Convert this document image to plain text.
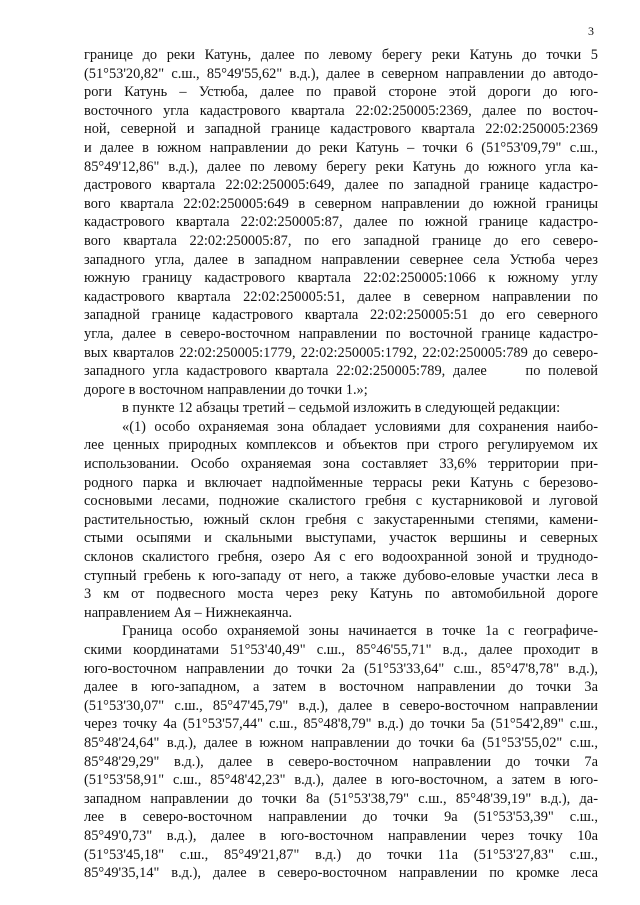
3
границе до реки Катунь, далее по левому берегу реки Катунь до точки 5
(51°53'20,82" с.ш., 85°49'55,62" в.д.), далее в северном направлении до автодо-
роги Катунь – Устюба, далее по правой стороне этой дороги до юго-
восточного угла кадастрового квартала 22:02:250005:2369, далее по восточ-
ной, северной и западной границе кадастрового квартала 22:02:250005:2369
и далее в южном направлении до реки Катунь – точки 6 (51°53'09,79" с.ш.,
85°49'12,86" в.д.), далее по левому берегу реки Катунь до южного угла ка-
дастрового квартала 22:02:250005:649, далее по западной границе кадастро-
вого квартала 22:02:250005:649 в северном направлении до южной границы
кадастрового квартала 22:02:250005:87, далее по южной границе кадастро-
вого квартала 22:02:250005:87, по его западной границе до его северо-
западного угла, далее в западном направлении севернее села Устюба через
южную границу кадастрового квартала 22:02:250005:1066 к южному углу
кадастрового квартала 22:02:250005:51, далее в северном направлении по
западной границе кадастрового квартала 22:02:250005:51 до его северного
угла, далее в северо-восточном направлении по восточной границе кадастро-
вых кварталов 22:02:250005:1779, 22:02:250005:1792, 22:02:250005:789 до северо-
западного угла кадастрового квартала 22:02:250005:789, далее     по полевой
дороге в восточном направлении до точки 1.»;
в пункте 12 абзацы третий – седьмой изложить в следующей редакции:
«(1) особо охраняемая зона обладает условиями для сохранения наибо-
лее ценных природных комплексов и объектов при строго регулируемом их
использовании. Особо охраняемая зона составляет 33,6% территории при-
родного парка и включает надпойменные террасы реки Катунь с березово-
сосновыми лесами, подножие скалистого гребня с кустарниковой и луговой
растительностью, южный склон гребня с закустаренными степями, камени-
стыми осыпями и скальными выступами, участок вершины и северных
склонов скалистого гребня, озеро Ая с его водоохранной зоной и труднодо-
ступный гребень к юго-западу от него, а также дубово-еловые участки леса в
3 км от подвесного моста через реку Катунь по автомобильной дороге
направлением Ая – Нижнекаянча.
Граница особо охраняемой зоны начинается в точке 1а с географиче-
скими координатами 51°53'40,49" с.ш., 85°46'55,71" в.д., далее проходит в
юго-восточном направлении до точки 2а (51°53'33,64" с.ш., 85°47'8,78" в.д.),
далее в юго-западном, а затем в восточном направлении до точки 3а
(51°53'30,07" с.ш., 85°47'45,79" в.д.), далее в северо-восточном направлении
через точку 4а (51°53'57,44" с.ш., 85°48'8,79" в.д.) до точки 5а (51°54'2,89" с.ш.,
85°48'24,64" в.д.), далее в южном направлении до точки 6а (51°53'55,02" с.ш.,
85°48'29,29" в.д.), далее в северо-восточном направлении до точки 7а
(51°53'58,91" с.ш., 85°48'42,23" в.д.), далее в юго-восточном, а затем в юго-
западном направлении до точки 8а (51°53'38,79" с.ш., 85°48'39,19" в.д.), да-
лее в северо-восточном направлении до точки 9а (51°53'53,39" с.ш.,
85°49'0,73" в.д.), далее в юго-восточном направлении через точку 10а
(51°53'45,18" с.ш., 85°49'21,87" в.д.) до точки 11а (51°53'27,83" с.ш.,
85°49'35,14" в.д.), далее в северо-восточном направлении по кромке леса
